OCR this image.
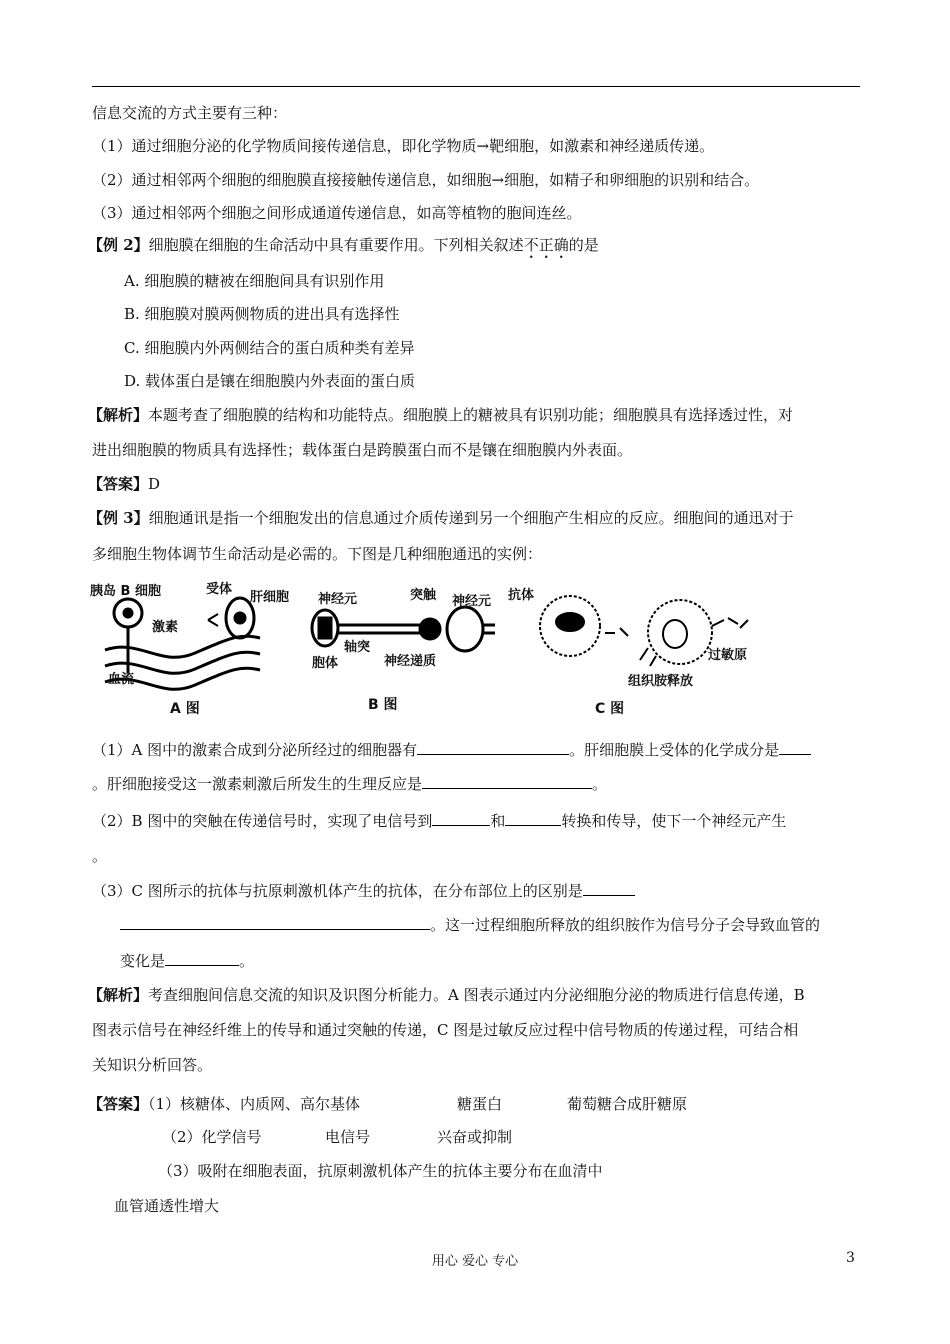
信息交流的方式主要有三种：
（1）通过细胞分泌的化学物质间接传递信息，即化学物质→靶细胞，如激素和神经递质传递。
（2）通过相邻两个细胞的细胞膜直接接触传递信息，如细胞→细胞，如精子和卵细胞的识别和结合。
（3）通过相邻两个细胞之间形成通道传递信息，如高等植物的胞间连丝。
【例 2】细胞膜在细胞的生命活动中具有重要作用。下列相关叙述不正确的是
A. 细胞膜的糖被在细胞间具有识别作用
B. 细胞膜对膜两侧物质的进出具有选择性
C. 细胞膜内外两侧结合的蛋白质种类有差异
D. 载体蛋白是镶在细胞膜内外表面的蛋白质
【解析】本题考查了细胞膜的结构和功能特点。细胞膜上的糖被具有识别功能；细胞膜具有选择透过性，对
进出细胞膜的物质具有选择性；载体蛋白是跨膜蛋白而不是镶在细胞膜内外表面。
【答案】D
【例 3】细胞通讯是指一个细胞发出的信息通过介质传递到另一个细胞产生相应的反应。细胞间的通迅对于
多细胞生物体调节生命活动是必需的。下图是几种细胞通迅的实例：
胰岛 B 细胞	受体
肝细胞
激素
血流
A 图
神经元	突触 神经元
轴突
胞体	神经递质
B 图
抗体
过敏原
组织胺释放
C 图
（1）A 图中的激素合成到分泌所经过的细胞器有	。肝细胞膜上受体的化学成分是
。肝细胞接受这一激素刺激后所发生的生理反应是	。
（2）B 图中的突触在传递信号时，实现了电信号到	和	转换和传导，使下一个神经元产生
。
（3）C 图所示的抗体与抗原刺激机体产生的抗体，在分布部位上的区别是
。这一过程细胞所释放的组织胺作为信号分子会导致血管的
变化是	。
【解析】考查细胞间信息交流的知识及识图分析能力。A 图表示通过内分泌细胞分泌的物质进行信息传递，B
图表示信号在神经纤维上的传导和通过突触的传递，C 图是过敏反应过程中信号物质的传递过程，可结合相
关知识分析回答。
【答案】（1）核糖体、内质网、高尔基体	糖蛋白	葡萄糖合成肝糖原
（2）化学信号	电信号	兴奋或抑制
（3）吸附在细胞表面，抗原刺激机体产生的抗体主要分布在血清中
血管通透性增大
用心 爱心 专心	3
